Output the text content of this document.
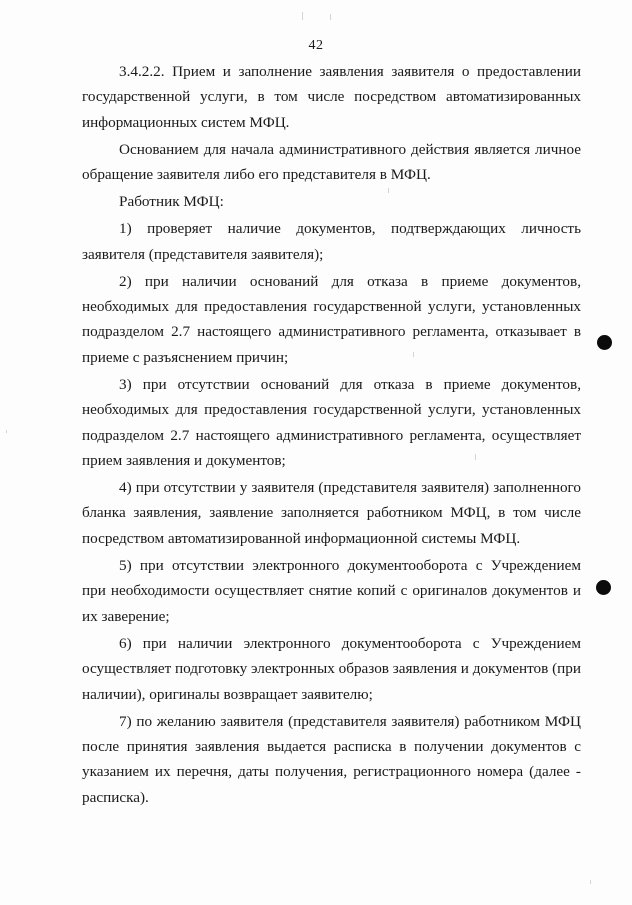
42

3.4.2.2. Прием и заполнение заявления заявителя о предоставлении государственной услуги, в том числе посредством автоматизированных информационных систем МФЦ.

Основанием для начала административного действия является личное обращение заявителя либо его представителя в МФЦ.

Работник МФЦ:

1) проверяет наличие документов, подтверждающих личность заявителя (представителя заявителя);

2) при наличии оснований для отказа в приеме документов, необходимых для предоставления государственной услуги, установленных подразделом 2.7 настоящего административного регламента, отказывает в приеме с разъяснением причин;

3) при отсутствии оснований для отказа в приеме документов, необходимых для предоставления государственной услуги, установленных подразделом 2.7 настоящего административного регламента, осуществляет прием заявления и документов;

4) при отсутствии у заявителя (представителя заявителя) заполненного бланка заявления, заявление заполняется работником МФЦ, в том числе посредством автоматизированной информационной системы МФЦ.

5) при отсутствии электронного документооборота с Учреждением при необходимости осуществляет снятие копий с оригиналов документов и их заверение;

6) при наличии электронного документооборота с Учреждением осуществляет подготовку электронных образов заявления и документов (при наличии), оригиналы возвращает заявителю;

7) по желанию заявителя (представителя заявителя) работником МФЦ после принятия заявления выдается расписка в получении документов с указанием их перечня, даты получения, регистрационного номера (далее - расписка).
